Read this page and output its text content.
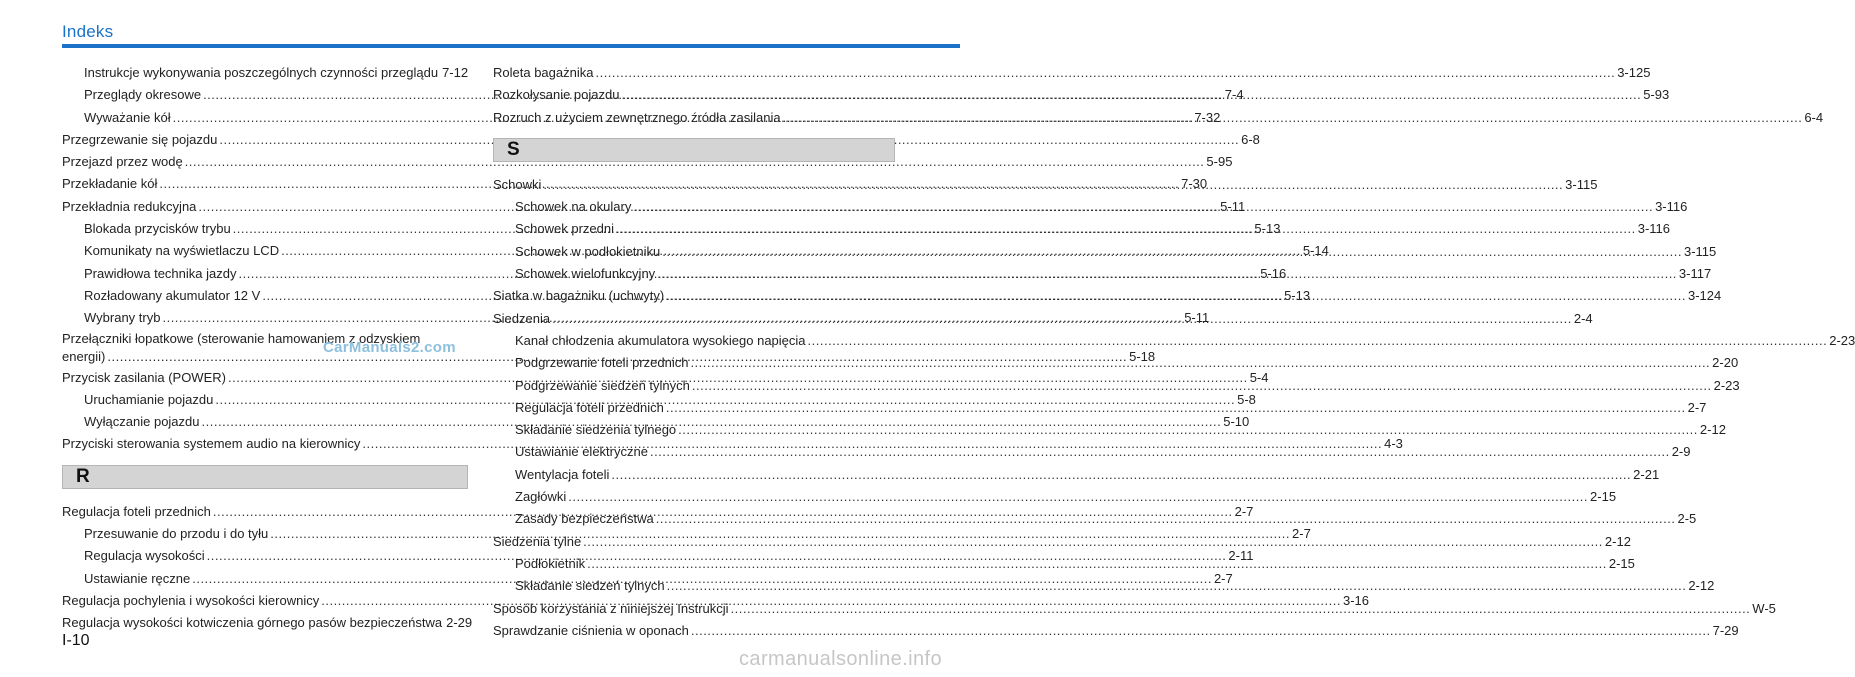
Indeks
Instrukcje wykonywania poszczególnych czynności przeglądu 7-12
Przeglądy okresowe .....	7-4
Wyważanie kół .....	7-32
Przegrzewanie się pojazdu .....	6-8
Przejazd przez wodę .....	5-95
Przekładanie kół .....	7-30
Przekładnia redukcyjna .....	5-11
Blokada przycisków trybu .....	5-13
Komunikaty na wyświetlaczu LCD .....	5-14
Prawidłowa technika jazdy .....	5-16
Rozładowany akumulator 12 V .....	5-13
Wybrany tryb .....	5-11
Przełączniki łopatkowe (sterowanie hamowaniem z odzyskiem
energii) .....	5-18
Przycisk zasilania (POWER) .....	5-4
Uruchamianie pojazdu .....	5-8
Wyłączanie pojazdu .....	5-10
Przyciski sterowania systemem audio na kierownicy .....	4-3
R
Regulacja foteli przednich .....	2-7
Przesuwanie do przodu i do tyłu .....	2-7
Regulacja wysokości .....	2-11
Ustawianie ręczne .....	2-7
Regulacja pochylenia i wysokości kierownicy .....	3-16
Regulacja wysokości kotwiczenia górnego pasów bezpieczeństwa 2-29
Roleta bagażnika .....	3-125
Rozkołysanie pojazdu .....	5-93
Rozruch z użyciem zewnętrznego źródła zasilania .....	6-4
S
Schowki .....	3-115
Schowek na okulary .....	3-116
Schowek przedni .....	3-116
Schowek w podłokietniku .....	3-115
Schowek wielofunkcyjny .....	3-117
Siatka w bagażniku (uchwyty) .....	3-124
Siedzenia .....	2-4
Kanał chłodzenia akumulatora wysokiego napięcia .....	2-23
Podgrzewanie foteli przednich .....	2-20
Podgrzewanie siedzeń tylnych .....	2-23
Regulacja foteli przednich .....	2-7
Składanie siedzenia tylnego .....	2-12
Ustawianie elektryczne .....	2-9
Wentylacja foteli .....	2-21
Zagłówki .....	2-15
Zasady bezpieczeństwa .....	2-5
Siedzenia tylne .....	2-12
Podłokietnik .....	2-15
Składanie siedzeń tylnych .....	2-12
Sposób korzystania z niniejszej Instrukcji .....	W-5
Sprawdzanie ciśnienia w oponach .....	7-29
CarManuals2.com
I-10
carmanualsonline.info
